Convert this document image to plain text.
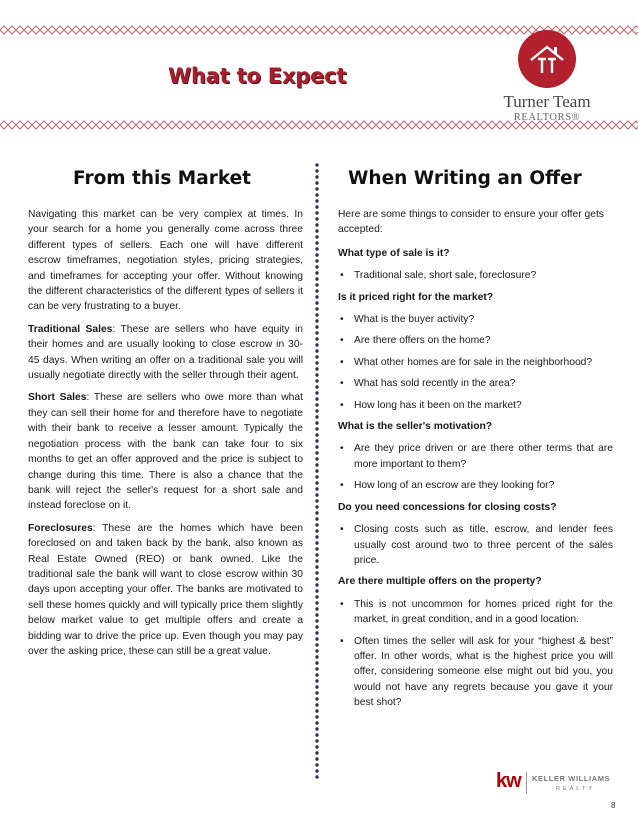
What to Expect
Turner Team
REALTORS®
From this Market	When Writing an Offer

Navigating this market can be very complex at times. In your search for a home you generally come across three different types of sellers. Each one will have different escrow timeframes, negotiation styles, pricing strategies, and timeframes for accepting your offer. Without knowing the different characteristics of the different types of sellers it can be very frustrating to a buyer.

Traditional Sales: These are sellers who have equity in their homes and are usually looking to close escrow in 30-45 days. When writing an offer on a traditional sale you will usually negotiate directly with the seller through their agent.

Short Sales: These are sellers who owe more than what they can sell their home for and therefore have to negotiate with their bank to receive a lesser amount. Typically the negotiation process with the bank can take four to six months to get an offer approved and the price is subject to change during this time. There is also a chance that the bank will reject the seller's request for a short sale and instead foreclose on it.

Foreclosures: These are the homes which have been foreclosed on and taken back by the bank, also known as Real Estate Owned (REO) or bank owned. Like the traditional sale the bank will want to close escrow within 30 days upon accepting your offer. The banks are motivated to sell these homes quickly and will typically price them slightly below market value to get multiple offers and create a bidding war to drive the price up. Even though you may pay over the asking price, these can still be a great value.

Here are some things to consider to ensure your offer gets accepted:

What type of sale is it?

• Traditional sale, short sale, foreclosure?

Is it priced right for the market?

• What is the buyer activity?
• Are there offers on the home?
• What other homes are for sale in the neighborhood?
• What has sold recently in the area?
• How long has it been on the market?

What is the seller's motivation?

• Are they price driven or are there other terms that are more important to them?
• How long of an escrow are they looking for?

Do you need concessions for closing costs?

• Closing costs such as title, escrow, and lender fees usually cost around two to three percent of the sales price.

Are there multiple offers on the property?

• This is not uncommon for homes priced right for the market, in great condition, and in a good location.
• Often times the seller will ask for your “highest & best” offer. In other words, what is the highest price you will offer, considering someone else might out bid you, you would not have any regrets because you gave it your best shot?
kw KELLER WILLIAMS
REALTY
8
